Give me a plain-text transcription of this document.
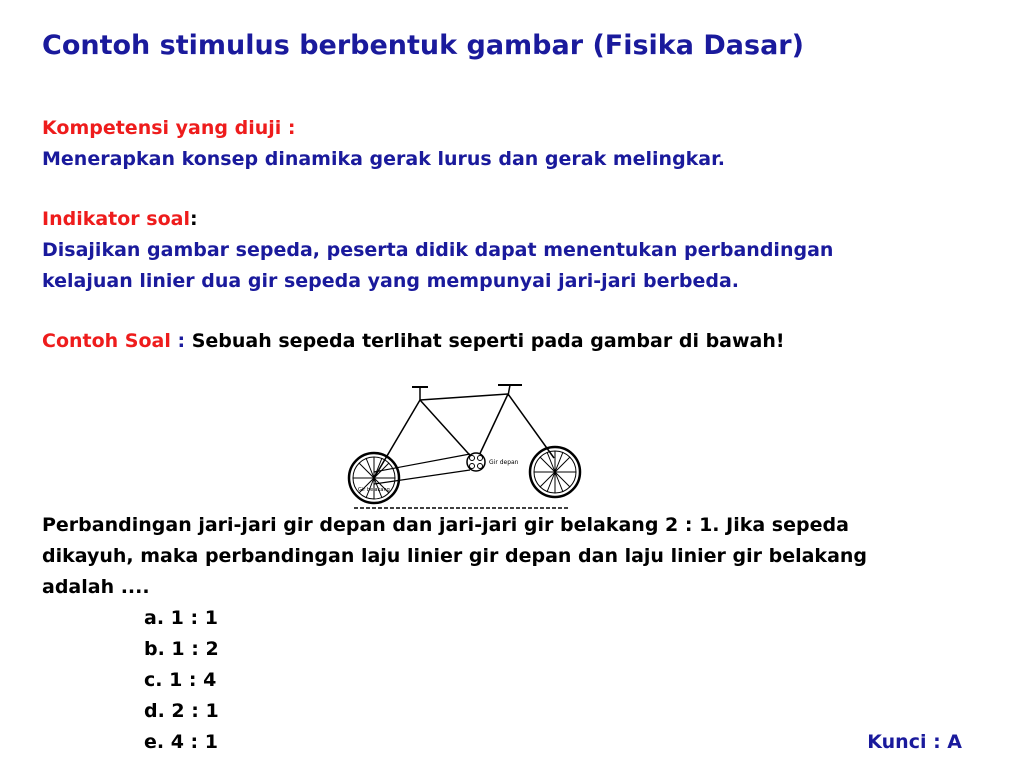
Contoh stimulus berbentuk gambar (Fisika Dasar)
Kompetensi yang diuji :
Menerapkan konsep dinamika gerak lurus dan gerak melingkar.
Indikator soal:
Disajikan gambar sepeda, peserta didik dapat menentukan perbandingan
kelajuan linier dua gir sepeda yang mempunyai jari-jari berbeda.
Contoh Soal : Sebuah sepeda terlihat seperti pada gambar di bawah!
Gir depan
Gir belakang
Perbandingan jari-jari gir depan dan jari-jari gir belakang 2 : 1. Jika sepeda
dikayuh, maka perbandingan laju linier gir depan dan laju linier gir belakang
adalah ....
a. 1 : 1
b. 1 : 2
c. 1 : 4
d. 2 : 1
e. 4 : 1	Kunci : A
